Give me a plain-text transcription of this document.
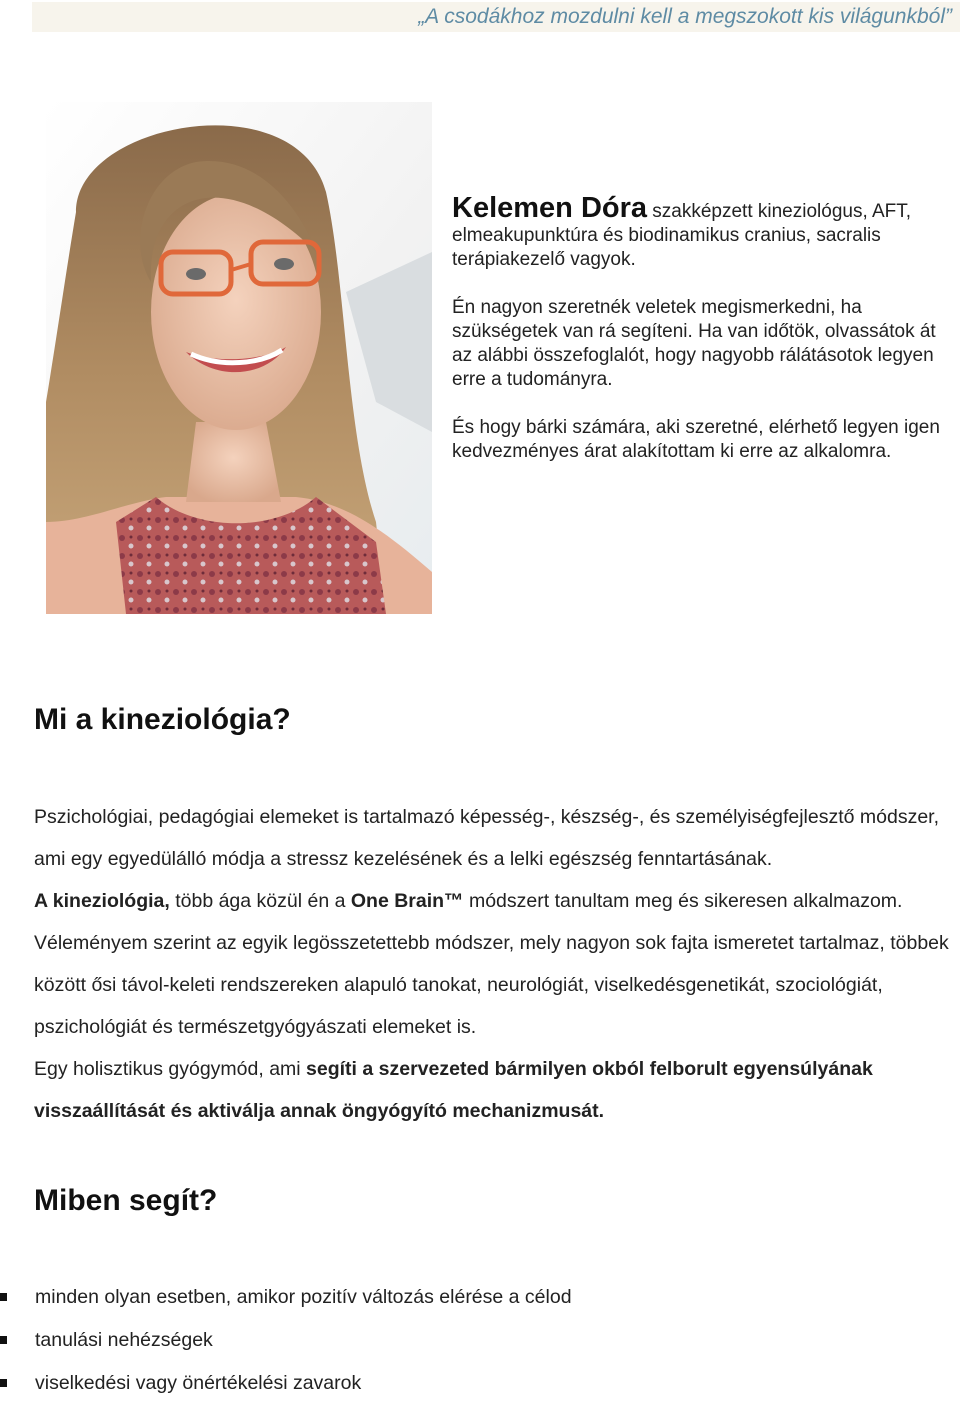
„A csodákhoz mozdulni kell a megszokott kis világunkból”

Kelemen Dóra szakképzett kineziológus, AFT, elmeakupunktúra és biodinamikus cranius, sacralis terápiakezelő vagyok.

Én nagyon szeretnék veletek megismerkedni, ha szükségetek van rá segíteni. Ha van időtök, olvassátok át az alábbi összefoglalót, hogy nagyobb rálátásotok legyen erre a tudományra.

És hogy bárki számára, aki szeretné, elérhető legyen igen kedvezményes árat alakítottam ki erre az alkalomra.

Mi a kineziológia?

Pszichológiai, pedagógiai elemeket is tartalmazó képesség-, készség-, és személyiségfejlesztő módszer, ami egy egyedülálló módja a stressz kezelésének és a lelki egészség fenntartásának.

A kineziológia, több ága közül én a One Brain™ módszert tanultam meg és sikeresen alkalmazom. Véleményem szerint az egyik legösszetettebb módszer, mely nagyon sok fajta ismeretet tartalmaz, többek között ősi távol-keleti rendszereken alapuló tanokat, neurológiát, viselkedésgenetikát, szociológiát, pszichológiát és természetgyógyászati elemeket is.

Egy holisztikus gyógymód, ami segíti a szervezeted bármilyen okból felborult egyensúlyának visszaállítását és aktiválja annak öngyógyító mechanizmusát.

Miben segít?
minden olyan esetben, amikor pozitív változás elérése a célod
tanulási nehézségek
viselkedési vagy önértékelési zavarok
